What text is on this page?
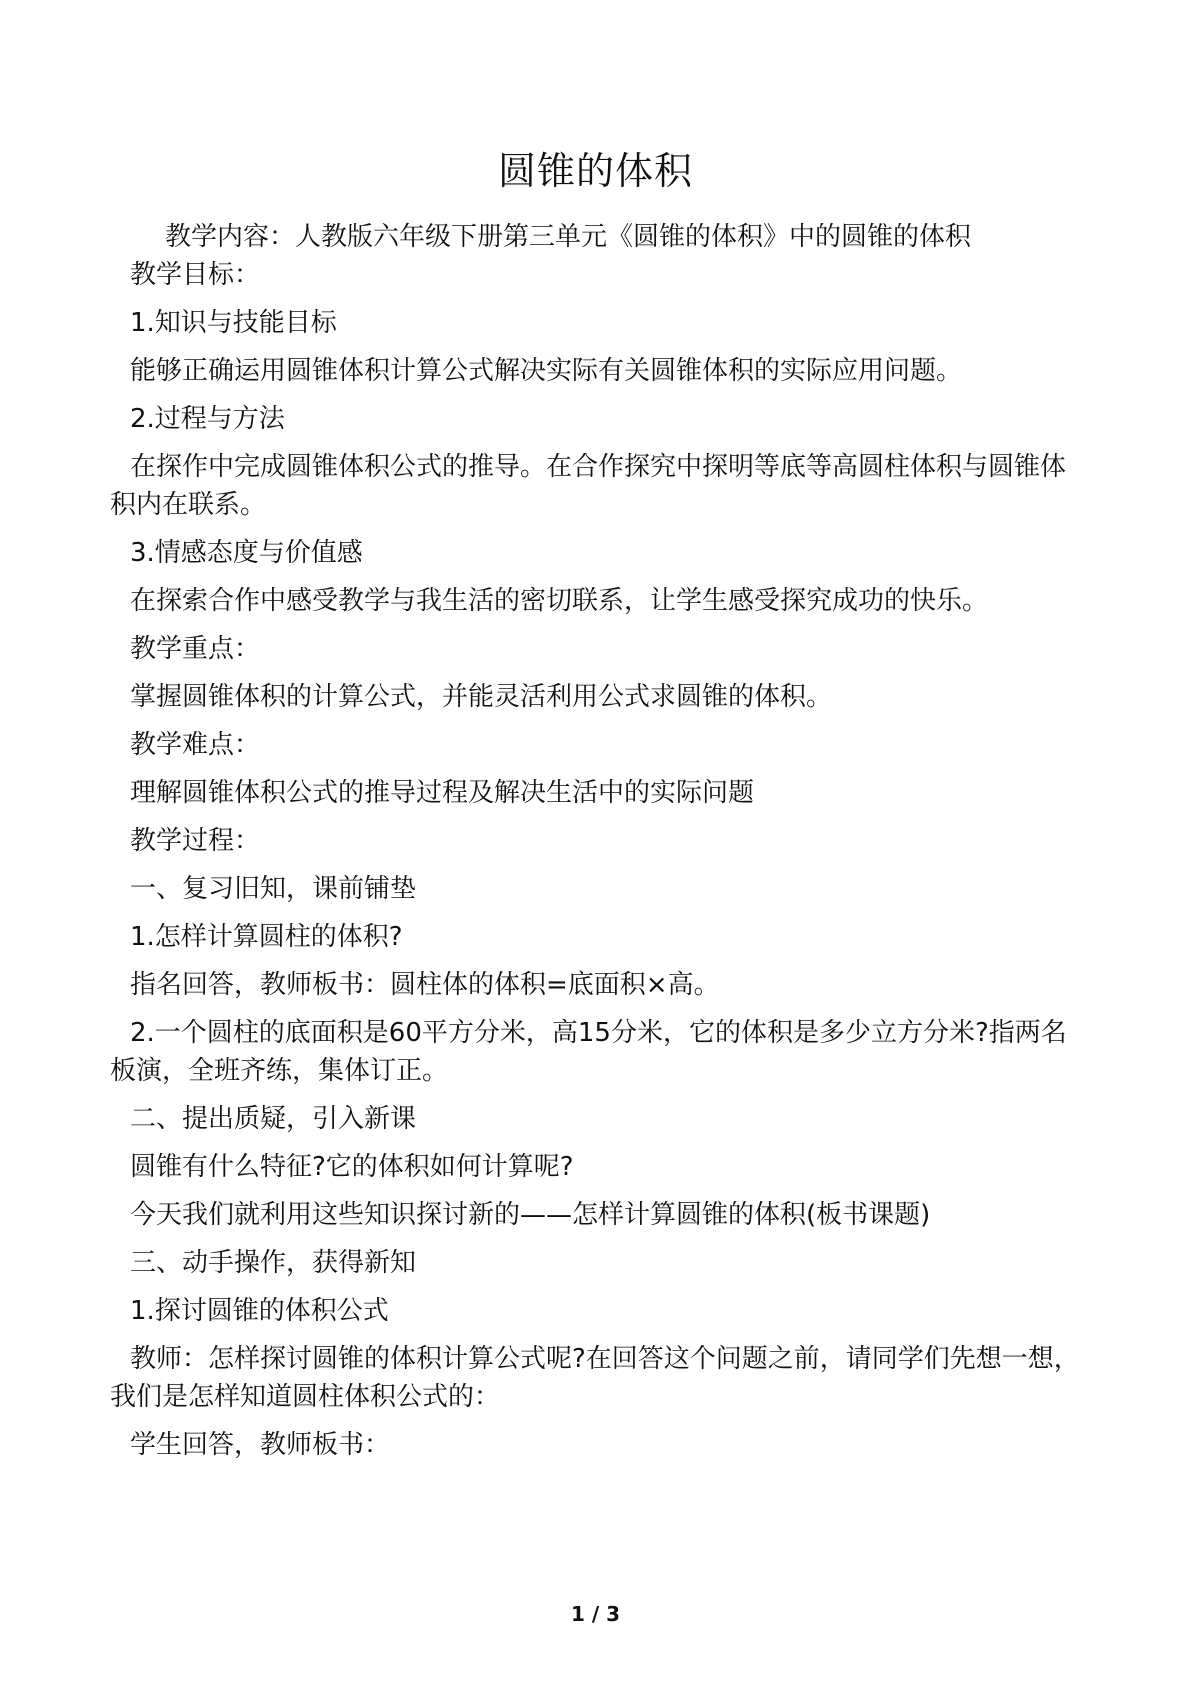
圆锥的体积

教学内容：人教版六年级下册第三单元《圆锥的体积》中的圆锥的体积

教学目标：

1.知识与技能目标

能够正确运用圆锥体积计算公式解决实际有关圆锥体积的实际应用问题。

2.过程与方法

在探作中完成圆锥体积公式的推导。在合作探究中探明等底等高圆柱体积与圆锥体积内在联系。

3.情感态度与价值感

在探索合作中感受教学与我生活的密切联系，让学生感受探究成功的快乐。

教学重点：

掌握圆锥体积的计算公式，并能灵活利用公式求圆锥的体积。

教学难点：

理解圆锥体积公式的推导过程及解决生活中的实际问题

教学过程：

一、复习旧知，课前铺垫

1.怎样计算圆柱的体积?

指名回答，教师板书：圆柱体的体积=底面积×高。

2.一个圆柱的底面积是60平方分米，高15分米，它的体积是多少立方分米?指两名板演，全班齐练，集体订正。

二、提出质疑，引入新课

圆锥有什么特征?它的体积如何计算呢?

今天我们就利用这些知识探讨新的——怎样计算圆锥的体积(板书课题)

三、动手操作，获得新知

1.探讨圆锥的体积公式

教师：怎样探讨圆锥的体积计算公式呢?在回答这个问题之前，请同学们先想一想，我们是怎样知道圆柱体积公式的：

学生回答，教师板书：

1 / 3
